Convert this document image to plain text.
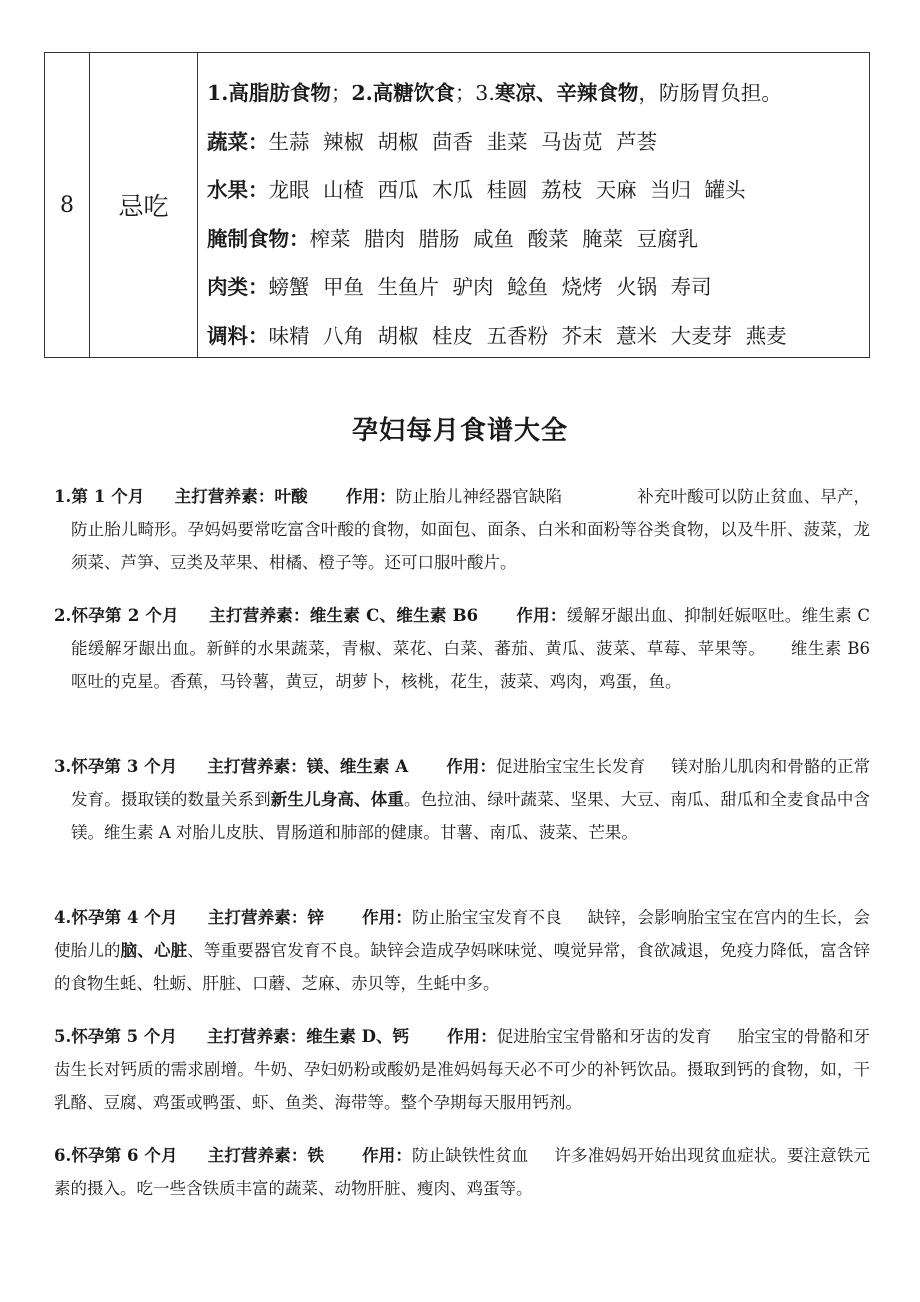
8	忌吃
1.高脂肪食物 ； 2.高糖饮食 ；3. 寒凉、辛辣食物 ，防肠胃负担。
蔬菜： 生蒜 辣椒 胡椒 茴香 韭菜 马齿苋 芦荟
水果： 龙眼 山楂 西瓜 木瓜 桂圆 荔枝 天麻 当归 罐头
腌制食物： 榨菜 腊肉 腊肠 咸鱼 酸菜 腌菜 豆腐乳
肉类： 螃蟹 甲鱼 生鱼片 驴肉 鲶鱼 烧烤 火锅 寿司
调料： 味精 八角 胡椒 桂皮 五香粉 芥末 薏米 大麦芽 燕麦
孕妇每月食谱大全
1.第 1 个月 主打营养素：叶酸 作用：防止胎儿神经器官缺陷	补充叶酸可以防止贫血、早产，防止胎儿畸形。孕妈妈要常吃富含叶酸的食物，如面包、面条、白米和面粉等谷类食物，以及牛肝、菠菜，龙须菜、芦笋、豆类及苹果、柑橘、橙子等。还可口服叶酸片。
2.怀孕第 2 个月 主打营养素：维生素 C、维生素 B6 作用：缓解牙龈出血、抑制妊娠呕吐。维生素 C 能缓解牙龈出血。新鲜的水果蔬菜，青椒、菜花、白菜、蕃茄、黄瓜、菠菜、草莓、苹果等。　　维生素 B6 呕吐的克星。香蕉，马铃薯，黄豆，胡萝卜，核桃，花生，菠菜、鸡肉，鸡蛋，鱼。
3.怀孕第 3 个月 主打营养素：镁、维生素 A 作用：促进胎宝宝生长发育 镁对胎儿肌肉和骨骼的正常发育。摄取镁的数量关系到新生儿身高、体重。色拉油、绿叶蔬菜、坚果、大豆、南瓜、甜瓜和全麦食品中含镁。维生素 A 对胎儿皮肤、胃肠道和肺部的健康。甘薯、南瓜、菠菜、芒果。
4.怀孕第 4 个月 主打营养素：锌 作用：防止胎宝宝发育不良 缺锌，会影响胎宝宝在宫内的生长，会使胎儿的脑、心脏、等重要器官发育不良。缺锌会造成孕妈咪味觉、嗅觉异常，食欲减退，免疫力降低，富含锌的食物生蚝、牡蛎、肝脏、口蘑、芝麻、赤贝等，生蚝中多。
5.怀孕第 5 个月 主打营养素：维生素 D、钙 作用：促进胎宝宝骨骼和牙齿的发育 胎宝宝的骨骼和牙齿生长对钙质的需求剧增。牛奶、孕妇奶粉或酸奶是准妈妈每天必不可少的补钙饮品。摄取到钙的食物，如，干乳酪、豆腐、鸡蛋或鸭蛋、虾、鱼类、海带等。整个孕期每天服用钙剂。
6.怀孕第 6 个月 主打营养素：铁 作用：防止缺铁性贫血 许多准妈妈开始出现贫血症状。要注意铁元素的摄入。吃一些含铁质丰富的蔬菜、动物肝脏、瘦肉、鸡蛋等。
